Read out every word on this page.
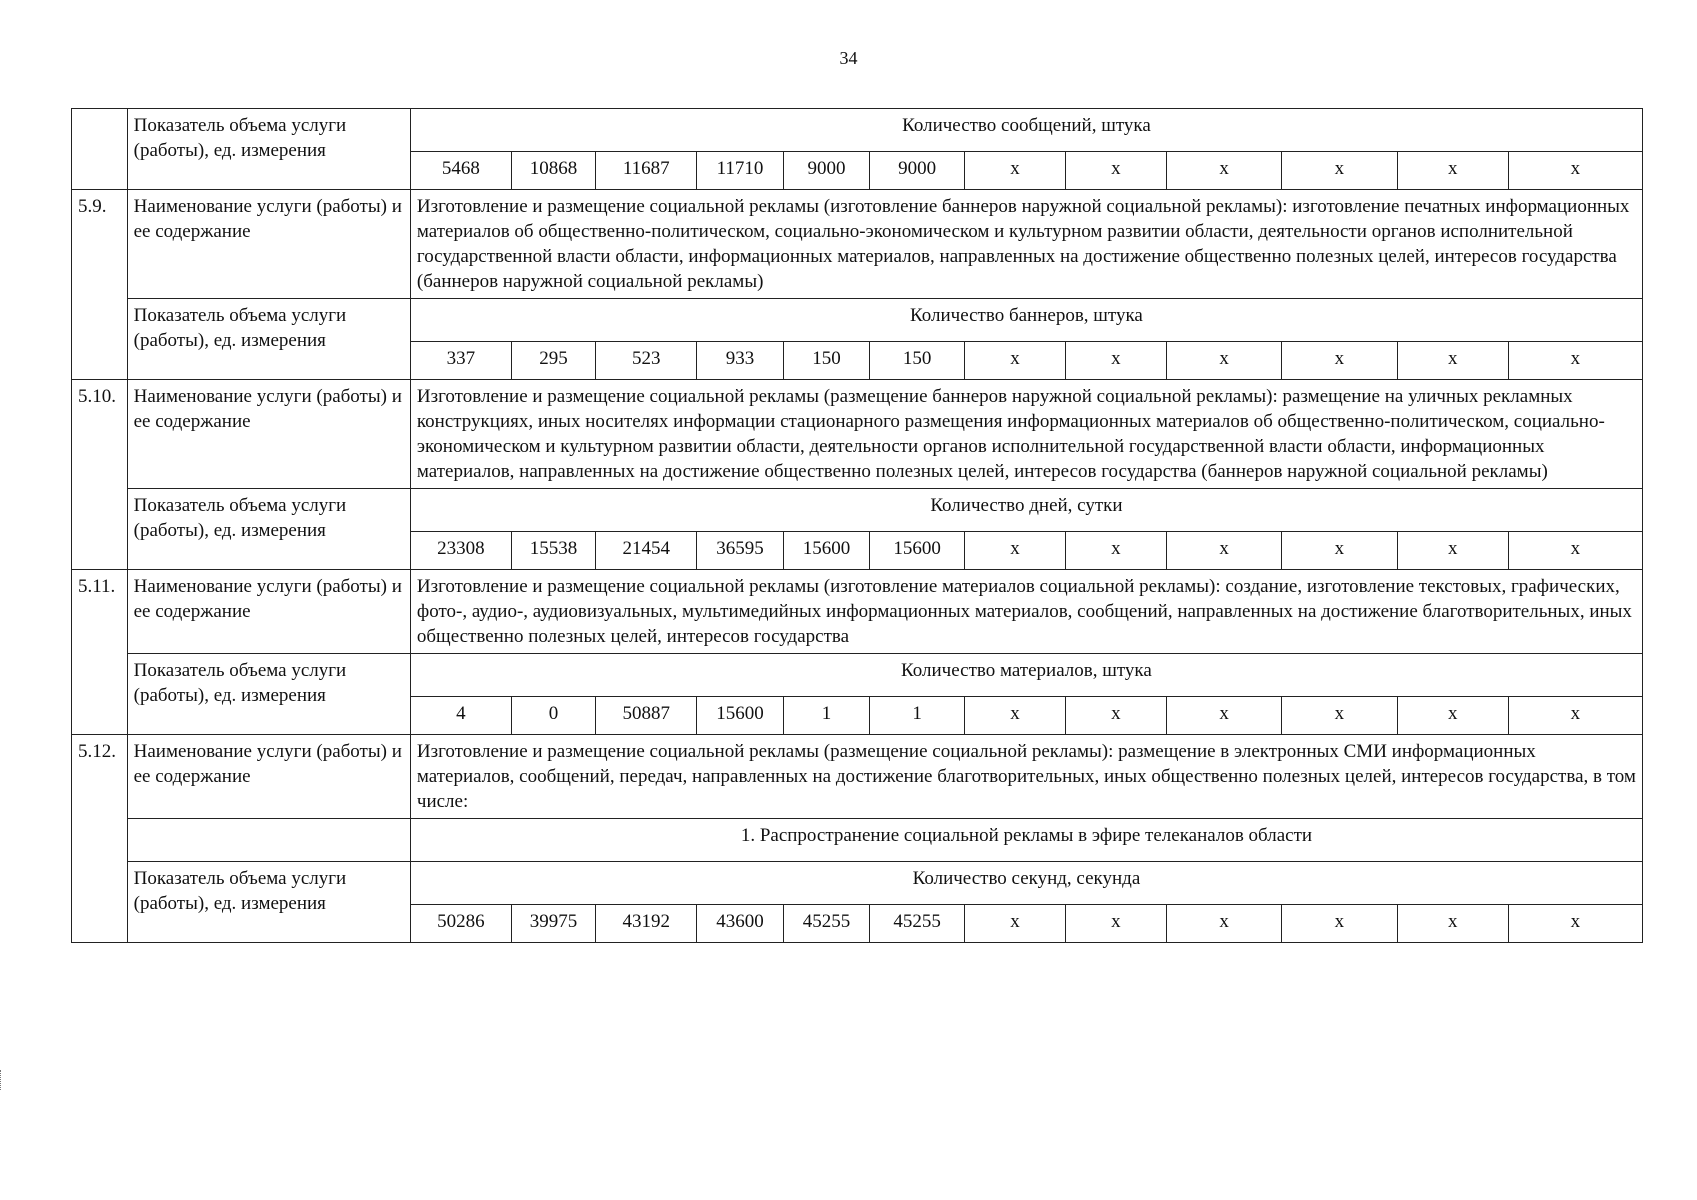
34
	Показатель объема услуги (работы), ед. измерения	Количество сообщений, штука											
		5468	10868	11687	11710	9000	9000	x	x	x	x	x	x
5.9.	Наименование услуги (работы) и ее содержание	Изготовление и размещение социальной рекламы (изготовление баннеров наружной социальной рекламы): изготовление печатных информационных материалов об общественно-политическом, социально-экономическом и культурном развитии области, деятельности органов исполнительной государственной власти области, информационных материалов, направленных на достижение общественно полезных целей, интересов государства (баннеров наружной социальной рекламы)											
	Показатель объема услуги (работы), ед. измерения	Количество баннеров, штука											
		337	295	523	933	150	150	x	x	x	x	x	x
5.10.	Наименование услуги (работы) и ее содержание	Изготовление и размещение социальной рекламы (размещение баннеров наружной социальной рекламы): размещение на уличных рекламных конструкциях, иных носителях информации стационарного размещения информационных материалов об общественно-политическом, социально-экономическом и культурном развитии области, деятельности органов исполнительной государственной власти области, информационных материалов, направленных на достижение общественно полезных целей, интересов государства (баннеров наружной социальной рекламы)											
	Показатель объема услуги (работы), ед. измерения	Количество дней, сутки											
		23308	15538	21454	36595	15600	15600	x	x	x	x	x	x
5.11.	Наименование услуги (работы) и ее содержание	Изготовление и размещение социальной рекламы (изготовление материалов социальной рекламы): создание, изготовление текстовых, графических, фото-, аудио-, аудиовизуальных, мультимедийных информационных материалов, сообщений, направленных на достижение благотворительных, иных общественно полезных целей, интересов государства											
	Показатель объема услуги (работы), ед. измерения	Количество материалов, штука											
		4	0	50887	15600	1	1	x	x	x	x	x	x
5.12.	Наименование услуги (работы) и ее содержание	Изготовление и размещение социальной рекламы (размещение социальной рекламы): размещение в электронных СМИ информационных материалов, сообщений, передач, направленных на достижение благотворительных, иных общественно полезных целей, интересов государства, в том числе:											
		1. Распространение социальной рекламы в эфире телеканалов области											
	Показатель объема услуги (работы), ед. измерения	Количество секунд, секунда											
		50286	39975	43192	43600	45255	45255	x	x	x	x	x	x
